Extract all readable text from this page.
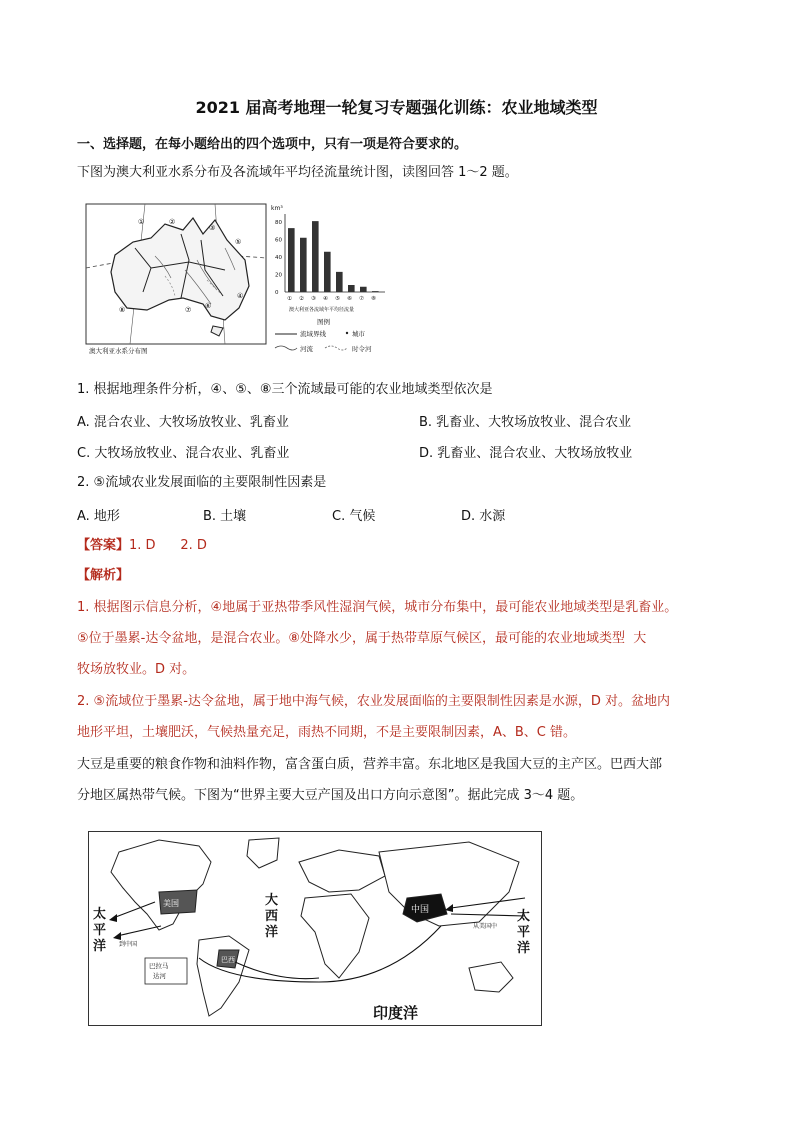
2021 届高考地理一轮复习专题强化训练：农业地域类型
一、选择题，在每小题给出的四个选项中，只有一项是符合要求的。
下图为澳大利亚水系分布及各流域年平均径流量统计图，读图回答 1～2 题。
①	②
③
⑤
④
⑥
⑦
⑧
澳大利亚水系分布图
km³
80
60
40
20
0
① ② ③ ④ ⑤ ⑥ ⑦ ⑧
澳大利亚各流域年平均径流量
图例
流域界线	城市
河流	时令河
1. 根据地理条件分析，④、⑤、⑧三个流域最可能的农业地域类型依次是
A. 混合农业、大牧场放牧业、乳畜业	B. 乳畜业、大牧场放牧业、混合农业
C. 大牧场放牧业、混合农业、乳畜业	D. 乳畜业、混合农业、大牧场放牧业
2. ⑤流域农业发展面临的主要限制性因素是
A. 地形	B. 土壤	C. 气候	D. 水源
【答案】1. D      2. D
【解析】
1. 根据图示信息分析，④地属于亚热带季风性湿润气候，城市分布集中，最可能农业地域类型是乳畜业。
⑤位于墨累-达令盆地，是混合农业。⑧处降水少，属于热带草原气候区，最可能的农业地域类型  大
牧场放牧业。D 对。
2. ⑤流域位于墨累-达令盆地，属于地中海气候，农业发展面临的主要限制性因素是水源，D 对。盆地内
地形平坦，土壤肥沃，气候热量充足，雨热不同期，不是主要限制因素，A、B、C 错。
大豆是重要的粮食作物和油料作物，富含蛋白质，营养丰富。东北地区是我国大豆的主产区。巴西大部
分地区属热带气候。下图为“世界主要大豆产国及出口方向示意图”。据此完成 3～4 题。
美国
巴西
巴拉马
达河
中国
太
平
洋
大
西
洋
太
平
洋
印度洋
到中国
从美国中
